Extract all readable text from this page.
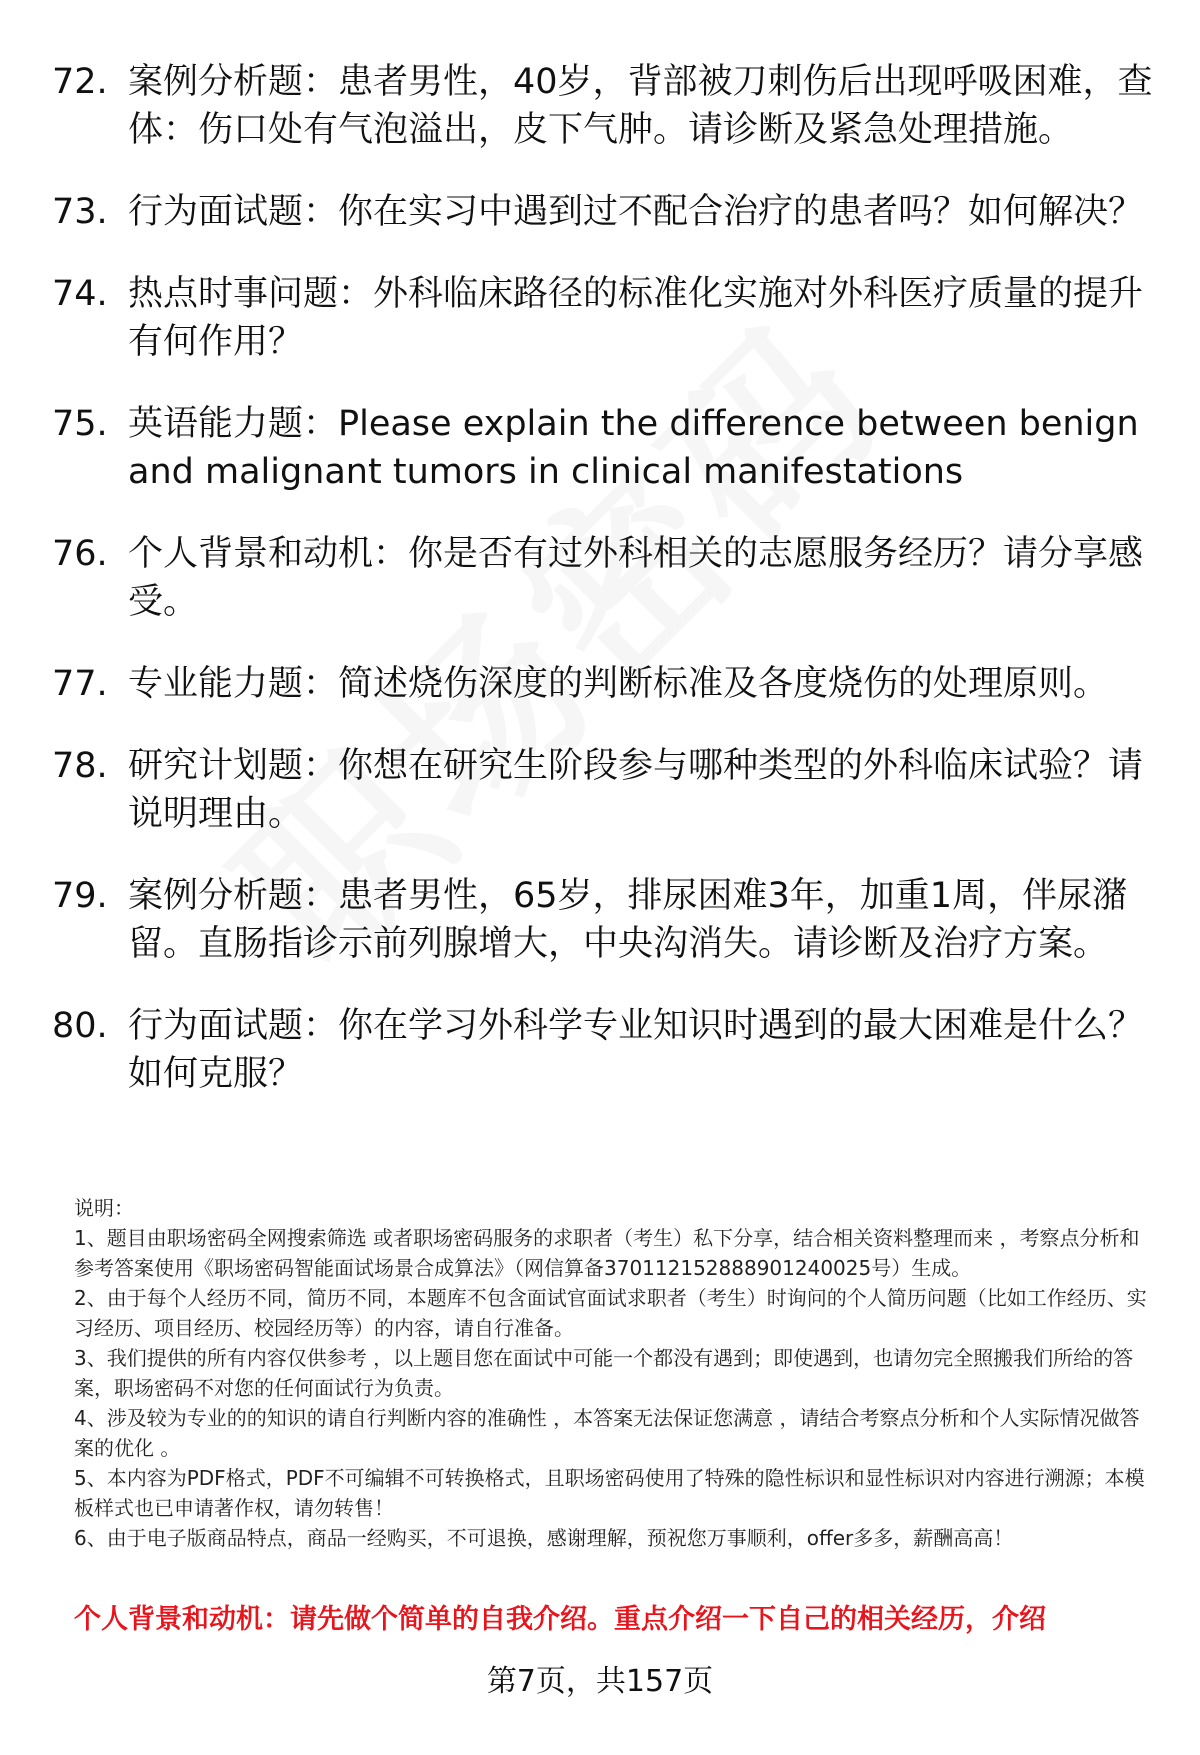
72. 案例分析题：患者男性，40岁，背部被刀刺伤后出现呼吸困难，查体：伤口处有气泡溢出，皮下气肿。请诊断及紧急处理措施。
73. 行为面试题：你在实习中遇到过不配合治疗的患者吗？如何解决？
74. 热点时事问题：外科临床路径的标准化实施对外科医疗质量的提升有何作用？
75. 英语能力题：Please explain the difference between benign and malignant tumors in clinical manifestations
76. 个人背景和动机：你是否有过外科相关的志愿服务经历？请分享感受。
77. 专业能力题：简述烧伤深度的判断标准及各度烧伤的处理原则。
78. 研究计划题：你想在研究生阶段参与哪种类型的外科临床试验？请说明理由。
79. 案例分析题：患者男性，65岁，排尿困难3年，加重1周，伴尿潴留。直肠指诊示前列腺增大，中央沟消失。请诊断及治疗方案。
80. 行为面试题：你在学习外科学专业知识时遇到的最大困难是什么？如何克服？

说明：

1、题目由职场密码全网搜索筛选 或者职场密码服务的求职者（考生）私下分享，结合相关资料整理而来 ，考察点分析和参考答案使用《职场密码智能面试场景合成算法》（网信算备370112152888901240025号）生成。

2、由于每个人经历不同，简历不同，本题库不包含面试官面试求职者（考生）时询问的个人简历问题（比如工作经历、实习经历、项目经历、校园经历等）的内容，请自行准备。

3、我们提供的所有内容仅供参考 ，以上题目您在面试中可能一个都没有遇到；即使遇到，也请勿完全照搬我们所给的答案，职场密码不对您的任何面试行为负责。

4、涉及较为专业的的知识的请自行判断内容的准确性 ，本答案无法保证您满意 ，请结合考察点分析和个人实际情况做答案的优化 。

5、本内容为PDF格式，PDF不可编辑不可转换格式，且职场密码使用了特殊的隐性标识和显性标识对内容进行溯源；本模板样式也已申请著作权，请勿转售！

6、由于电子版商品特点，商品一经购买，不可退换，感谢理解，预祝您万事顺利，offer多多，薪酬高高！

个人背景和动机：请先做个简单的自我介绍。重点介绍一下自己的相关经历，介绍
第7页，共157页
